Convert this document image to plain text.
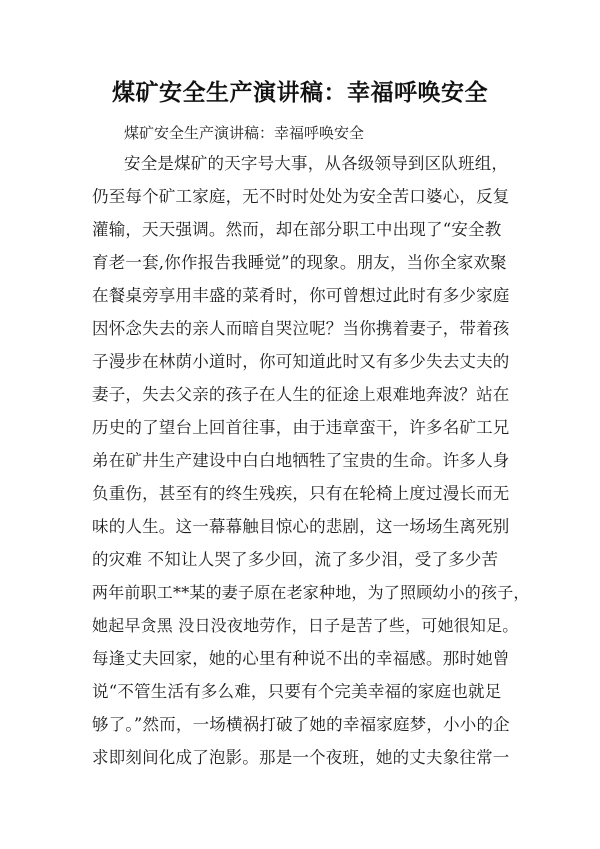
煤矿安全生产演讲稿：幸福呼唤安全

煤矿安全生产演讲稿：幸福呼唤安全

安全是煤矿的天字号大事，从各级领导到区队班组，
仍至每个矿工家庭，无不时时处处为安全苦口婆心，反复
灌输，天天强调。然而，却在部分职工中出现了“安全教
育老一套,你作报告我睡觉”的现象。朋友，当你全家欢聚
在餐桌旁享用丰盛的菜肴时，你可曾想过此时有多少家庭
因怀念失去的亲人而暗自哭泣呢？当你携着妻子，带着孩
子漫步在林荫小道时，你可知道此时又有多少失去丈夫的
妻子，失去父亲的孩子在人生的征途上艰难地奔波？站在
历史的了望台上回首往事，由于违章蛮干，许多名矿工兄
弟在矿井生产建设中白白地牺牲了宝贵的生命。许多人身
负重伤，甚至有的终生残疾，只有在轮椅上度过漫长而无
味的人生。这一幕幕触目惊心的悲剧，这一场场生离死别
的灾难 不知让人哭了多少回，流了多少泪，受了多少苦
两年前职工**某的妻子原在老家种地，为了照顾幼小的孩子，
她起早贪黑 没日没夜地劳作，日子是苦了些，可她很知足。
每逢丈夫回家，她的心里有种说不出的幸福感。那时她曾
说“不管生活有多么难，只要有个完美幸福的家庭也就足
够了。”然而，一场横祸打破了她的幸福家庭梦，小小的企
求即刻间化成了泡影。那是一个夜班，她的丈夫象往常一
